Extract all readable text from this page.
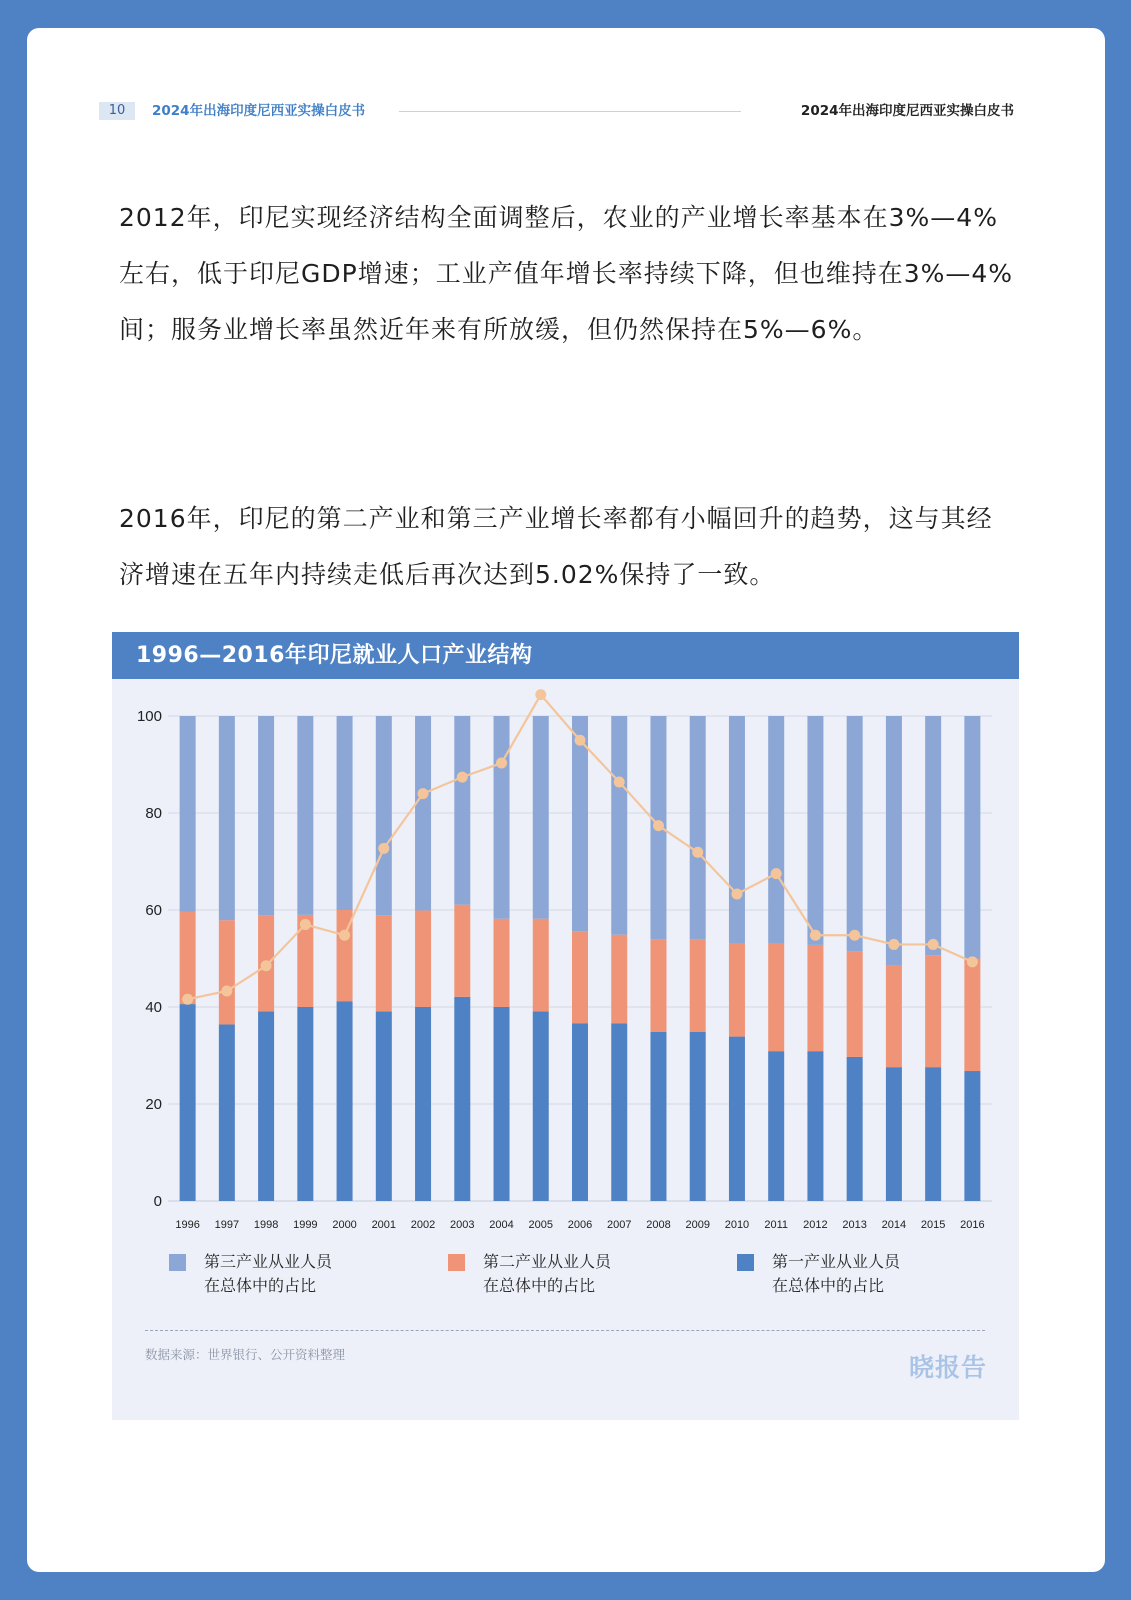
10	2024年出海印度尼西亚实操白皮书	2024年出海印度尼西亚实操白皮书

2012年，印尼实现经济结构全面调整后，农业的产业增长率基本在3%—4%左右，低于印尼GDP增速；工业产值年增长率持续下降，但也维持在3%—4%间；服务业增长率虽然近年来有所放缓，但仍然保持在5%—6%。

2016年，印尼的第二产业和第三产业增长率都有小幅回升的趋势，这与其经济增速在五年内持续走低后再次达到5.02%保持了一致。

1996—2016年印尼就业人口产业结构
0
20
40
60
80
100
1996 1997 1998 1999 2000 2001 2002 2003 2004 2005 2006 2007 2008 2009 2010 2011 2012 2013 2014 2015 2016
第三产业从业人员
在总体中的占比
第二产业从业人员
在总体中的占比
第一产业从业人员
在总体中的占比
数据来源：世界银行、公开资料整理	晓报告
